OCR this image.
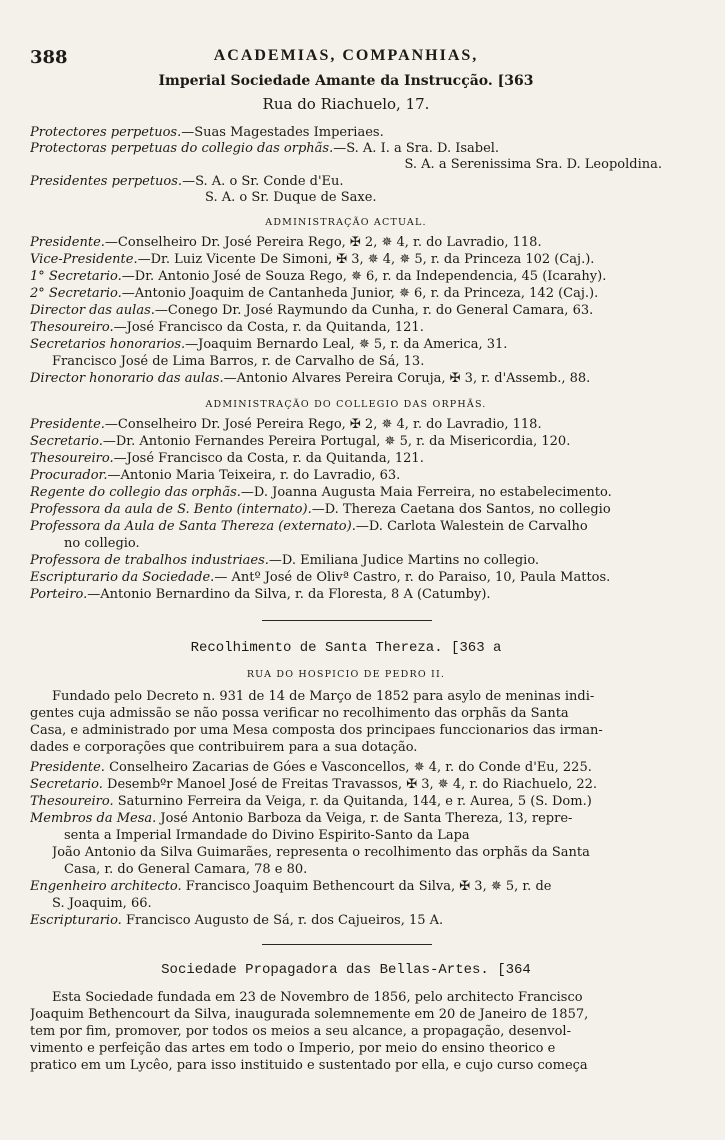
388	ACADEMIAS, COMPANHIAS,
Imperial Sociedade Amante da Instrucção. [363
Rua do Riachuelo, 17.
Protectores perpetuos.—Suas Magestades Imperiaes.
Protectoras perpetuas do collegio das orphãs.—S. A. I. a Sra. D. Isabel.
S. A. a Serenissima Sra. D. Leopoldina.
Presidentes perpetuos.—S. A. o Sr. Conde d'Eu.
S. A. o Sr. Duque de Saxe.
ADMINISTRAÇÃO ACTUAL.
Presidente.—Conselheiro Dr. José Pereira Rego, ✠ 2, ✵ 4, r. do Lavradio, 118.
Vice-Presidente.—Dr. Luiz Vicente De Simoni, ✠ 3, ✵ 4, ✵ 5, r. da Princeza 102 (Caj.).
1° Secretario.—Dr. Antonio José de Souza Rego, ✵ 6, r. da Independencia, 45 (Icarahy).
2° Secretario.—Antonio Joaquim de Cantanheda Junior, ✵ 6, r. da Princeza, 142 (Caj.).
Director das aulas.—Conego Dr. José Raymundo da Cunha, r. do General Camara, 63.
Thesoureiro.—José Francisco da Costa, r. da Quitanda, 121.
Secretarios honorarios.—Joaquim Bernardo Leal, ✵ 5, r. da America, 31.
Francisco José de Lima Barros, r. de Carvalho de Sá, 13.
Director honorario das aulas.—Antonio Alvares Pereira Coruja, ✠ 3, r. d'Assemb., 88.
ADMINISTRAÇÃO DO COLLEGIO DAS ORPHÃS.
Presidente.—Conselheiro Dr. José Pereira Rego, ✠ 2, ✵ 4, r. do Lavradio, 118.
Secretario.—Dr. Antonio Fernandes Pereira Portugal, ✵ 5, r. da Misericordia, 120.
Thesoureiro.—José Francisco da Costa, r. da Quitanda, 121.
Procurador.—Antonio Maria Teixeira, r. do Lavradio, 63.
Regente do collegio das orphãs.—D. Joanna Augusta Maia Ferreira, no estabelecimento.
Professora da aula de S. Bento (internato).—D. Thereza Caetana dos Santos, no collegio
Professora da Aula de Santa Thereza (externato).—D. Carlota Walestein de Carvalho
no collegio.
Professora de trabalhos industriaes.—D. Emiliana Judice Martins no collegio.
Escripturario da Sociedade.— Antº José de Olivª Castro, r. do Paraiso, 10, Paula Mattos.
Porteiro.—Antonio Bernardino da Silva, r. da Floresta, 8 A (Catumby).
Recolhimento de Santa Thereza. [363 a
RUA DO HOSPICIO DE PEDRO II.
Fundado pelo Decreto n. 931 de 14 de Março de 1852 para asylo de meninas indi-
gentes cuja admissão se não possa verificar no recolhimento das orphãs da Santa
Casa, e administrado por uma Mesa composta dos principaes funccionarios das irman-
dades e corporações que contribuirem para a sua dotação.
Presidente. Conselheiro Zacarias de Góes e Vasconcellos, ✵ 4, r. do Conde d'Eu, 225.
Secretario. Desembºr Manoel José de Freitas Travassos, ✠ 3, ✵ 4, r. do Riachuelo, 22.
Thesoureiro. Saturnino Ferreira da Veiga, r. da Quitanda, 144, e r. Aurea, 5 (S. Dom.)
Membros da Mesa. José Antonio Barboza da Veiga, r. de Santa Thereza, 13, repre-
senta a Imperial Irmandade do Divino Espirito-Santo da Lapa
João Antonio da Silva Guimarães, representa o recolhimento das orphãs da Santa
Casa, r. do General Camara, 78 e 80.
Engenheiro architecto. Francisco Joaquim Bethencourt da Silva, ✠ 3, ✵ 5, r. de
S. Joaquim, 66.
Escripturario. Francisco Augusto de Sá, r. dos Cajueiros, 15 A.
Sociedade Propagadora das Bellas-Artes. [364
Esta Sociedade fundada em 23 de Novembro de 1856, pelo architecto Francisco
Joaquim Bethencourt da Silva, inaugurada solemnemente em 20 de Janeiro de 1857,
tem por fim, promover, por todos os meios a seu alcance, a propagação, desenvol-
vimento e perfeição das artes em todo o Imperio, por meio do ensino theorico e
pratico em um Lycêo, para isso instituido e sustentado por ella, e cujo curso começa
